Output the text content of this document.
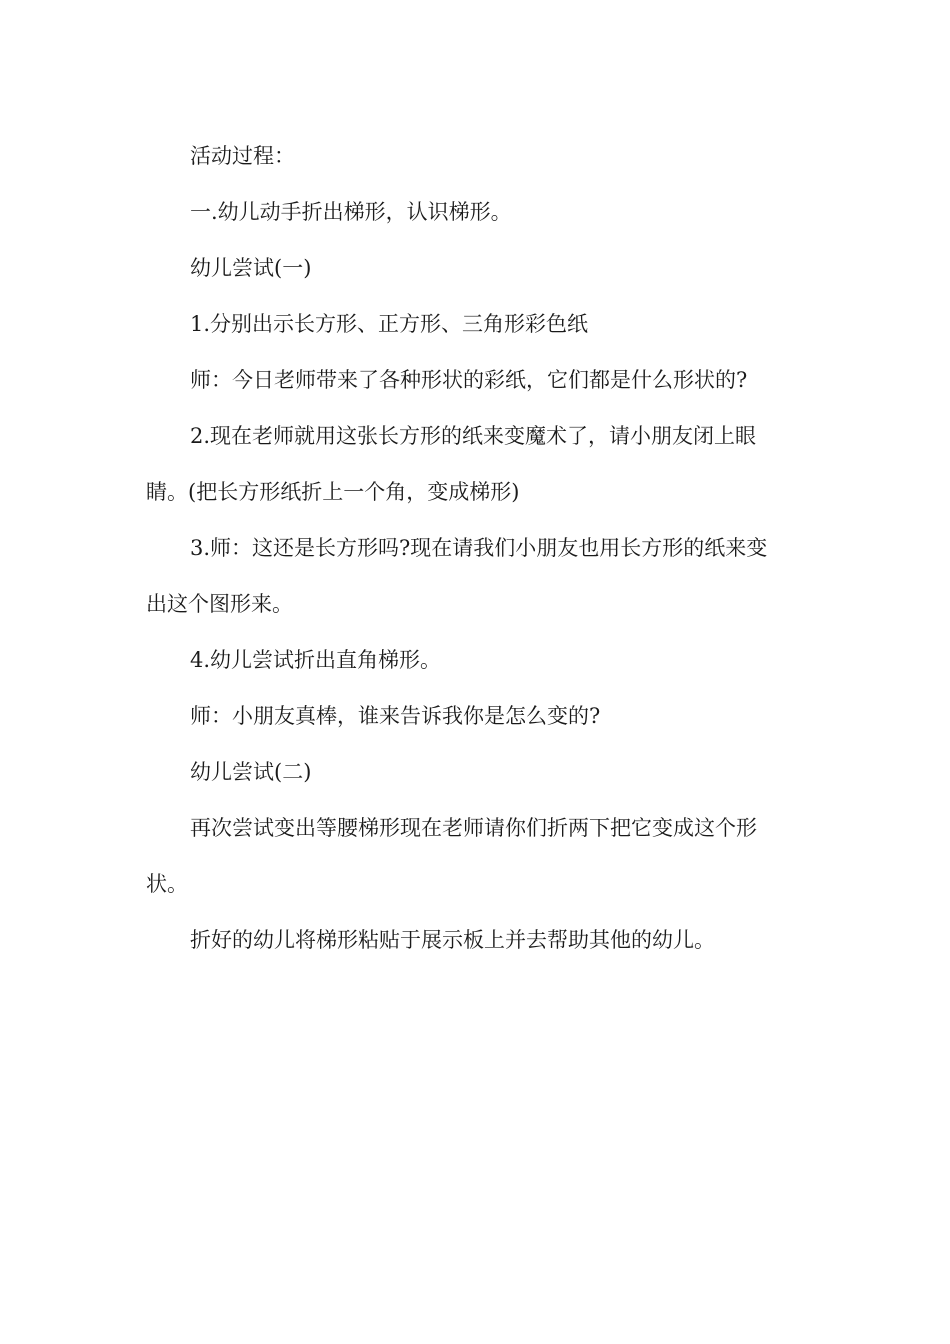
活动过程：
一.幼儿动手折出梯形，认识梯形。
幼儿尝试(一)
1.分别出示长方形、正方形、三角形彩色纸
师：今日老师带来了各种形状的彩纸，它们都是什么形状的?
2.现在老师就用这张长方形的纸来变魔术了，请小朋友闭上眼
睛。(把长方形纸折上一个角，变成梯形)
3.师：这还是长方形吗?现在请我们小朋友也用长方形的纸来变
出这个图形来。
4.幼儿尝试折出直角梯形。
师：小朋友真棒，谁来告诉我你是怎么变的?
幼儿尝试(二)
再次尝试变出等腰梯形现在老师请你们折两下把它变成这个形
状。
折好的幼儿将梯形粘贴于展示板上并去帮助其他的幼儿。
